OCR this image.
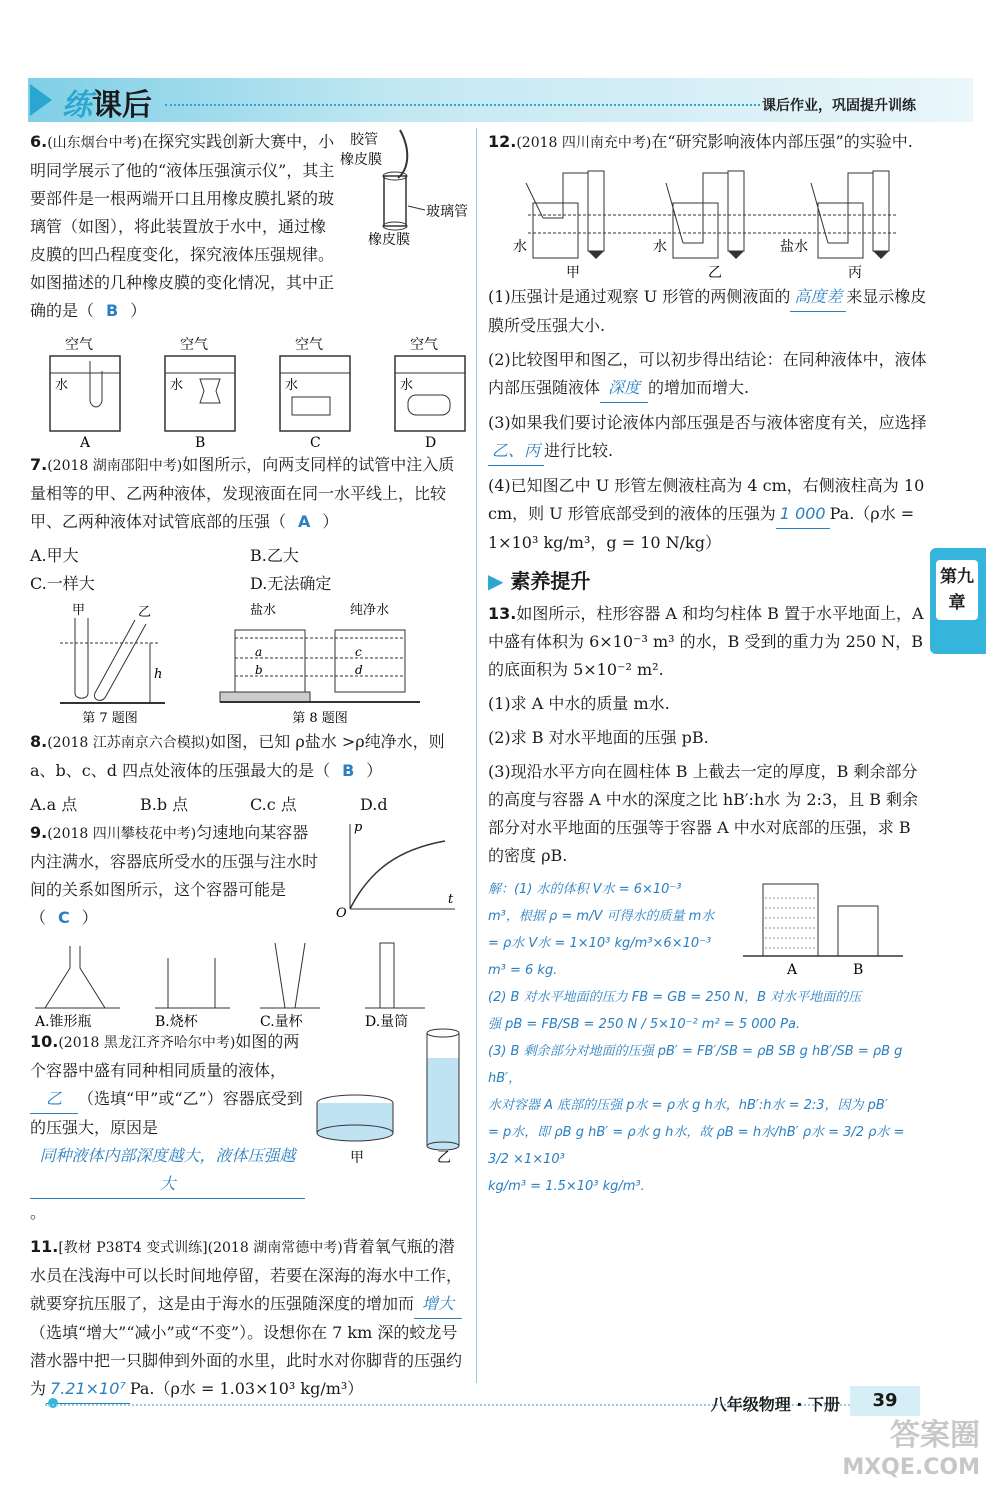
练课后	课后作业，巩固提升训练
6.(山东烟台中考)在探究实践创新大赛中，小明同学展示了他的“液体压强演示仪”，其主要部件是一根两端开口且用橡皮膜扎紧的玻璃管（如图），将此装置放于水中，通过橡皮膜的凹凸程度变化，探究液体压强规律。如图描述的几种橡皮膜的变化情况，其中正确的是（ B ）
胶管
橡皮膜
玻璃管
橡皮膜
空气
水
A
空气
水
B
空气
水
C
空气
水
D
7.(2018 湖南邵阳中考)如图所示，向两支同样的试管中注入质量相等的甲、乙两种液体，发现液面在同一水平线上，比较甲、乙两种液体对试管底部的压强（ A ）
A.甲大	B.乙大
C.一样大	D.无法确定
甲	乙
h
第 7 题图
盐水	纯净水
a
b
c
d
第 8 题图
8.(2018 江苏南京六合模拟)如图，已知 ρ盐水 >ρ纯净水，则 a、b、c、d 四点处液体的压强最大的是（ B ）
A.a 点	B.b 点	C.c 点	D.d
9.(2018 四川攀枝花中考)匀速地向某容器内注满水，容器底所受水的压强与注水时间的关系如图所示，这个容器可能是（ C ）
p
t
O
A.锥形瓶	B.烧杯	C.量杯	D.量筒
10.(2018 黑龙江齐齐哈尔中考)如图的两个容器中盛有同种相同质量的液体，乙 （选填“甲”或“乙”）容器底受到的压强大，原因是同种液体内部深度越大，液体压强越大。
甲	乙
11.[教材 P38T4 变式训练](2018 湖南常德中考)背着氧气瓶的潜水员在浅海中可以长时间地停留，若要在深海的海水中工作，就要穿抗压服了，这是由于海水的压强随深度的增加而 增大（选填“增大”“减小”或“不变”）。设想你在 7 km 深的蛟龙号潜水器中把一只脚伸到外面的水里，此时水对你脚背的压强约为 7.21×10⁷ Pa.（ρ水 = 1.03×10³ kg/m³）
12.(2018 四川南充中考)在“研究影响液体内部压强”的实验中.
水
甲
水
乙
盐水
丙
(1)压强计是通过观察 U 形管的两侧液面的 高度差 来显示橡皮膜所受压强大小.
(2)比较图甲和图乙，可以初步得出结论：在同种液体中，液体内部压强随液体 深度 的增加而增大.
(3)如果我们要讨论液体内部压强是否与液体密度有关，应选择乙、丙 进行比较.
(4)已知图乙中 U 形管左侧液柱高为 4 cm，右侧液柱高为 10 cm，则 U 形管底部受到的液体的压强为 1 000 Pa.（ρ水 = 1×10³ kg/m³，g = 10 N/kg）
▶ 素养提升
13.如图所示，柱形容器 A 和均匀柱体 B 置于水平地面上，A 中盛有体积为 6×10⁻³ m³ 的水，B 受到的重力为 250 N，B 的底面积为 5×10⁻² m².
(1)求 A 中水的质量 m水.
(2)求 B 对水平地面的压强 pB.
(3)现沿水平方向在圆柱体 B 上截去一定的厚度，B 剩余部分的高度与容器 A 中水的深度之比 hB′:h水 为 2:3，且 B 剩余部分对水平地面的压强等于容器 A 中水对底部的压强，求 B 的密度 ρB.
A	B
解：(1) 水的体积 V水 = 6×10⁻³
m³，根据 ρ = m/V 可得水的质量 m水
= ρ水 V水 = 1×10³ kg/m³×6×10⁻³
m³ = 6 kg.
(2) B 对水平地面的压力 FB = GB = 250 N，B 对水平地面的压
强 pB = FB/SB = 250 N / 5×10⁻² m² = 5 000 Pa.
(3) B 剩余部分对地面的压强 pB′ = FB′/SB = ρB SB g hB′/SB = ρB g hB′，
水对容器 A 底部的压强 p水 = ρ水 g h水，hB′:h水 = 2:3，因为 pB′
= p水，即 ρB g hB′ = ρ水 g h水，故 ρB = h水/hB′ ρ水 = 3/2 ρ水 = 3/2 ×1×10³
kg/m³ = 1.5×10³ kg/m³.
第九章
八年级物理 · 下册	39
答案圈
MXQE.COM
